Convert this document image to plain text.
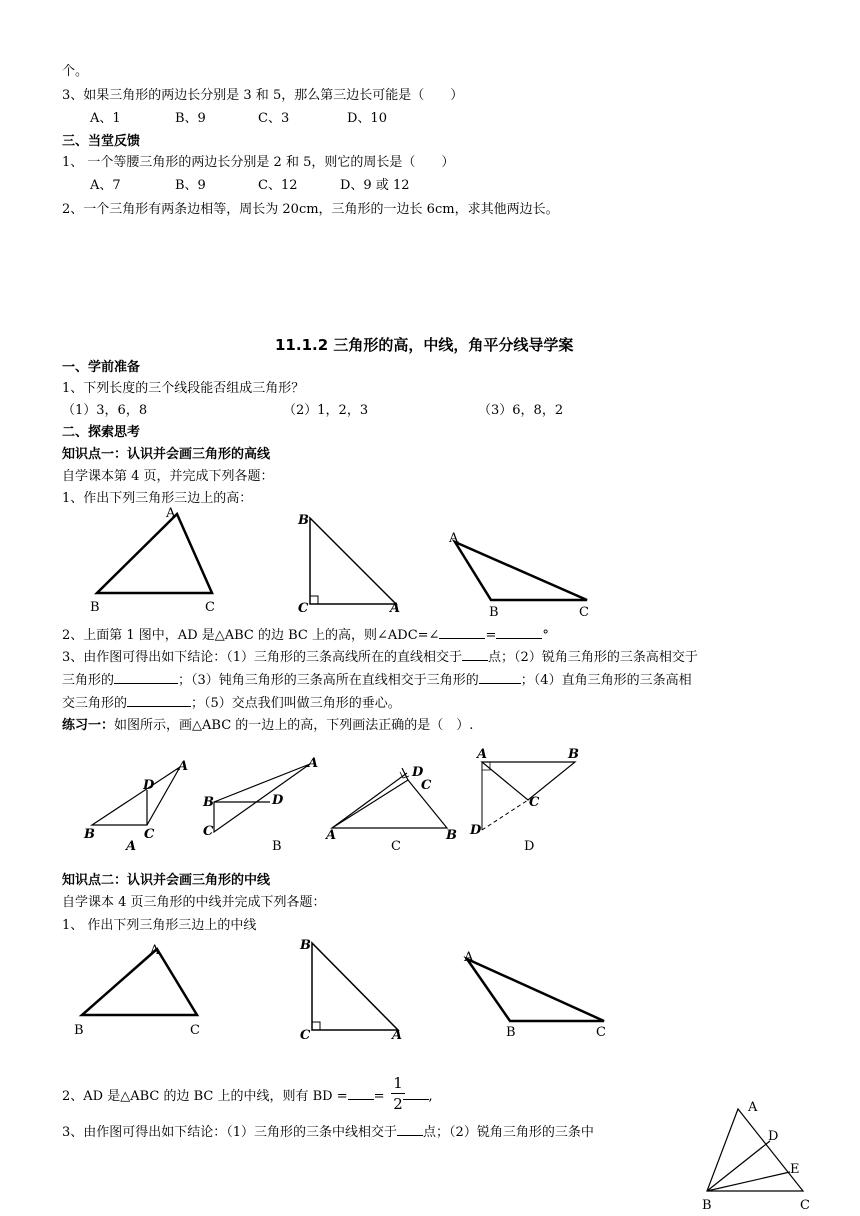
个。
3、如果三角形的两边长分别是 3 和 5，那么第三边长可能是（　　）
A、1	B、9	C、3	D、10
三、当堂反馈
1、 一个等腰三角形的两边长分别是 2 和 5，则它的周长是（　　）
A、7	B、9	C、12	D、9 或 12
2、一个三角形有两条边相等，周长为 20cm，三角形的一边长 6cm，求其他两边长。
11.1.2 三角形的高，中线，角平分线导学案
一、学前准备
1、下列长度的三个线段能否组成三角形？
（1）3，6，8	（2）1，2，3	（3）6，8，2
二、探索思考
知识点一：认识并会画三角形的高线
自学课本第 4 页，并完成下列各题：
1、作出下列三角形三边上的高：
A
B	C
B
C	A
A
B	C
2、上面第 1 图中，AD 是△ABC 的边 BC 上的高，则∠ADC=∠	=	°
3、由作图可得出如下结论：（1）三角形的三条高线所在的直线相交于 点；（2）锐角三角形的三条高相交于
三角形的	；（3）钝角三角形的三条高所在直线相交于三角形的	；（4）直角三角形的三条高相
交三角形的	；（5）交点我们叫做三角形的垂心。
练习一：如图所示，画△ABC 的一边上的高，下列画法正确的是（　）.
A
D
B	C
A
A
D
B
C
B
D
C
A	B
C
A	B
C
D
D
知识点二：认识并会画三角形的中线
自学课本 4 页三角形的中线并完成下列各题：
1、 作出下列三角形三边上的中线
A
B	C
B
C	A
A
B	C
2、AD 是△ABC 的边 BC 上的中线，则有 BD = =	,
1
2
3、由作图可得出如下结论：（1）三角形的三条中线相交于 点；（2）锐角三角形的三条中
A
D
E
B	C
